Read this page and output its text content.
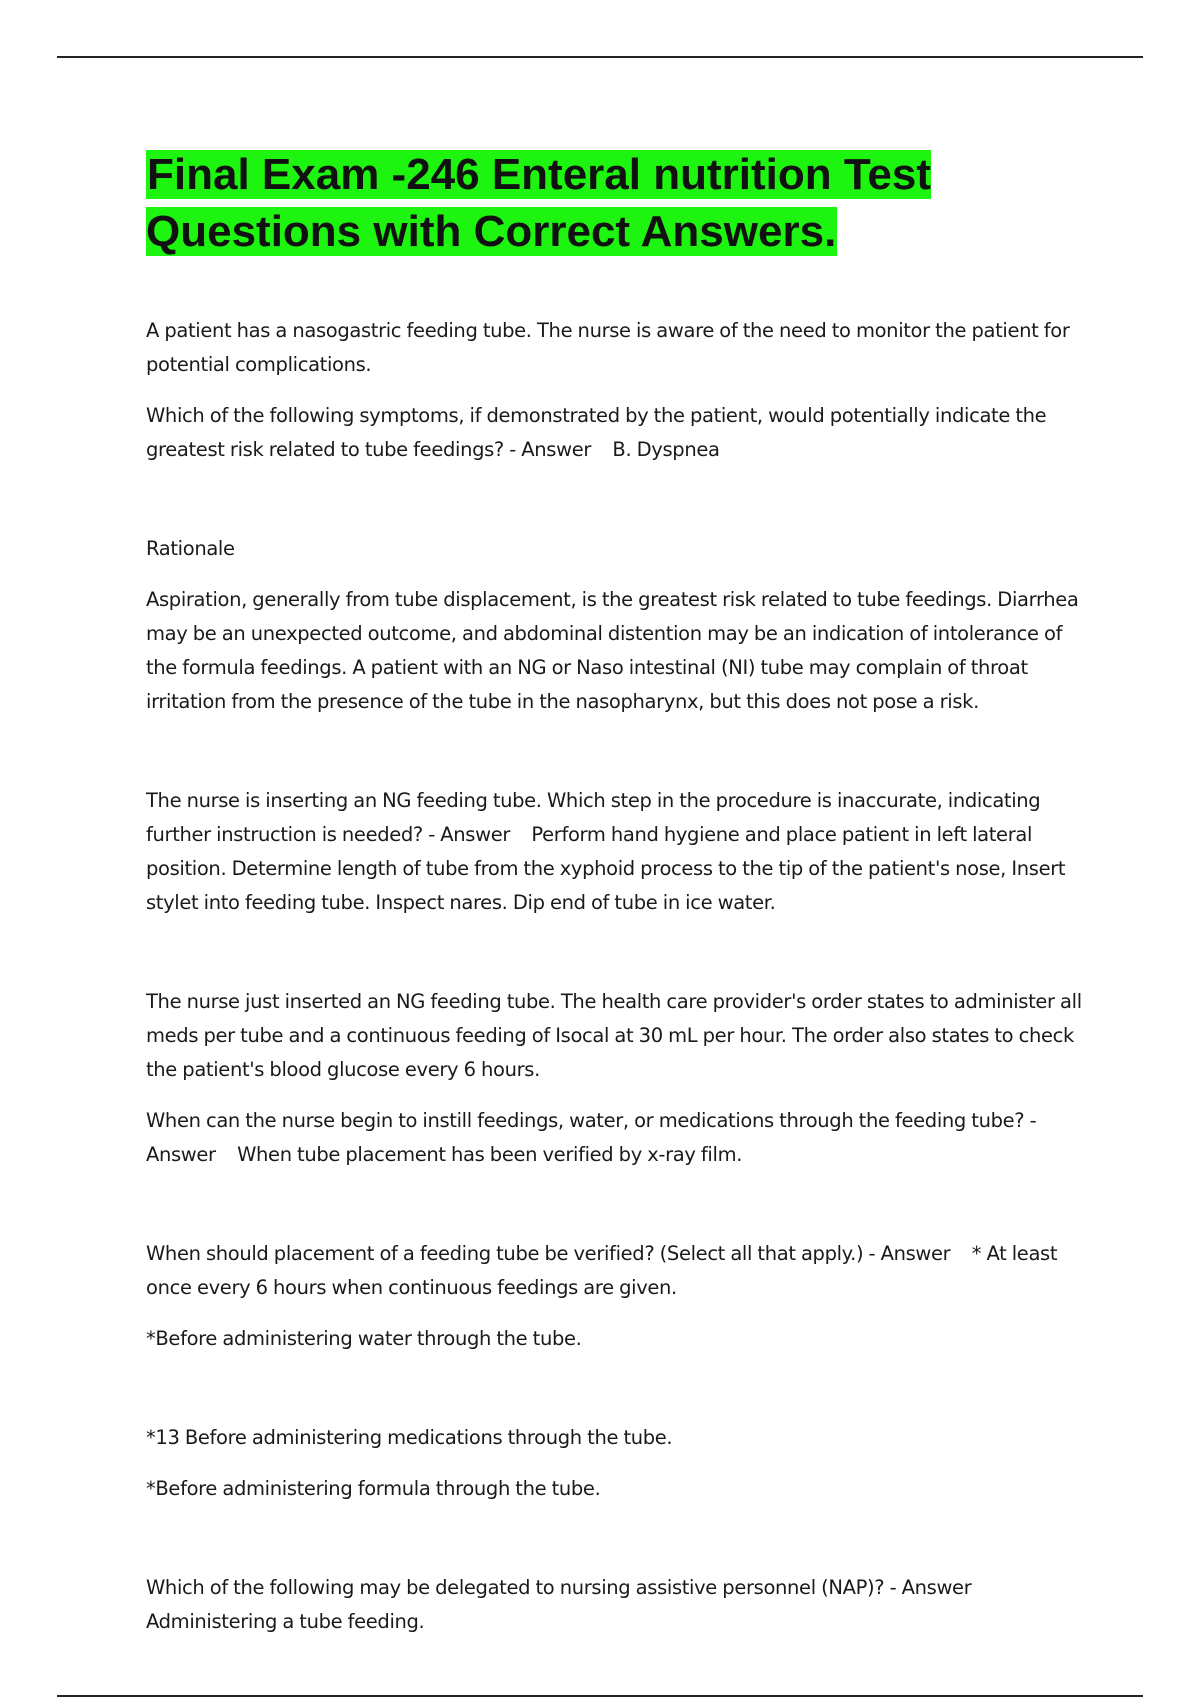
Final Exam -246 Enteral nutrition Test Questions with Correct Answers.

A patient has a nasogastric feeding tube. The nurse is aware of the need to monitor the patient for potential complications.

Which of the following symptoms, if demonstrated by the patient, would potentially indicate the greatest risk related to tube feedings? - Answer    B. Dyspnea

Rationale

Aspiration, generally from tube displacement, is the greatest risk related to tube feedings. Diarrhea may be an unexpected outcome, and abdominal distention may be an indication of intolerance of the formula feedings. A patient with an NG or Naso intestinal (NI) tube may complain of throat irritation from the presence of the tube in the nasopharynx, but this does not pose a risk.

The nurse is inserting an NG feeding tube. Which step in the procedure is inaccurate, indicating further instruction is needed? - Answer    Perform hand hygiene and place patient in left lateral position. Determine length of tube from the xyphoid process to the tip of the patient's nose, Insert stylet into feeding tube. Inspect nares. Dip end of tube in ice water.

The nurse just inserted an NG feeding tube. The health care provider's order states to administer all meds per tube and a continuous feeding of Isocal at 30 mL per hour. The order also states to check the patient's blood glucose every 6 hours.

When can the nurse begin to instill feedings, water, or medications through the feeding tube? - Answer    When tube placement has been verified by x-ray film.

When should placement of a feeding tube be verified? (Select all that apply.) - Answer    * At least once every 6 hours when continuous feedings are given.

*Before administering water through the tube.

*13 Before administering medications through the tube.

*Before administering formula through the tube.

Which of the following may be delegated to nursing assistive personnel (NAP)? - Answer Administering a tube feeding.
